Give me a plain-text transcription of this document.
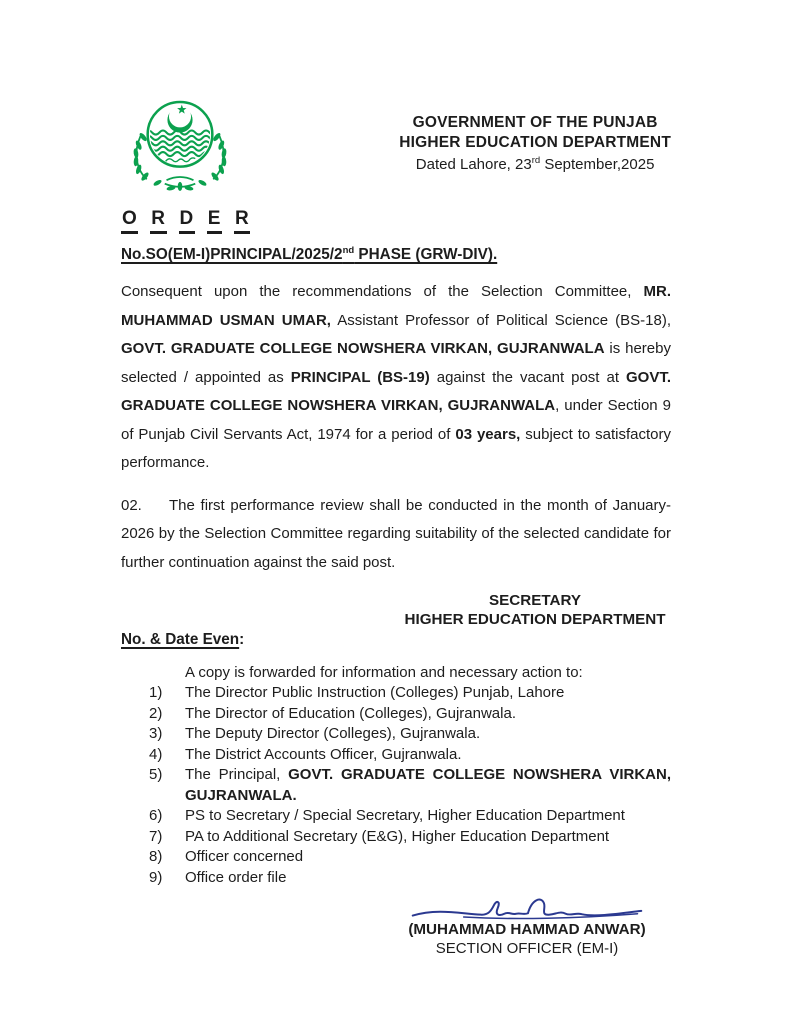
GOVERNMENT OF THE PUNJAB
HIGHER EDUCATION DEPARTMENT
Dated Lahore, 23rd September,2025
O R D E R
No.SO(EM-I)PRINCIPAL/2025/2nd PHASE (GRW-DIV).
Consequent upon the recommendations of the Selection Committee, MR. MUHAMMAD USMAN UMAR, Assistant Professor of Political Science (BS-18), GOVT. GRADUATE COLLEGE NOWSHERA VIRKAN, GUJRANWALA is hereby selected / appointed as PRINCIPAL (BS-19) against the vacant post at GOVT. GRADUATE COLLEGE NOWSHERA VIRKAN, GUJRANWALA, under Section 9 of Punjab Civil Servants Act, 1974 for a period of 03 years, subject to satisfactory performance.
02. The first performance review shall be conducted in the month of January-2026 by the Selection Committee regarding suitability of the selected candidate for further continuation against the said post.
SECRETARY
HIGHER EDUCATION DEPARTMENT
No. & Date Even:
A copy is forwarded for information and necessary action to:
1)	The Director Public Instruction (Colleges) Punjab, Lahore
2)	The Director of Education (Colleges), Gujranwala.
3)	The Deputy Director (Colleges), Gujranwala.
4)	The District Accounts Officer, Gujranwala.
5)	The Principal, GOVT. GRADUATE COLLEGE NOWSHERA VIRKAN, GUJRANWALA.
6)	PS to Secretary / Special Secretary, Higher Education Department
7)	PA to Additional Secretary (E&G), Higher Education Department
8)	Officer concerned
9)	Office order file
(MUHAMMAD HAMMAD ANWAR)
SECTION OFFICER (EM-I)
